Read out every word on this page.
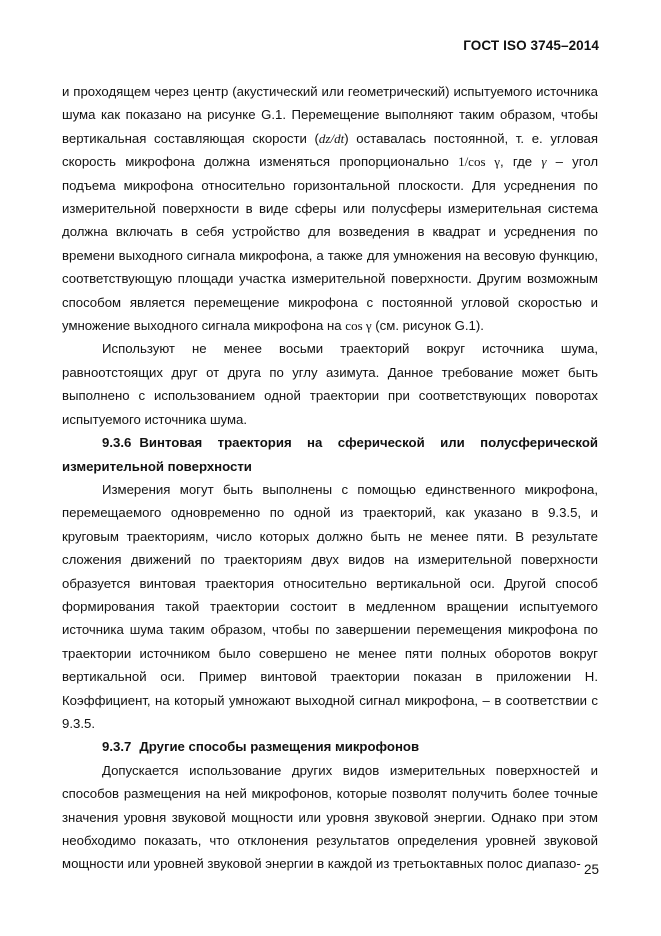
ГОСТ ISO 3745–2014

и проходящем через центр (акустический или геометрический) испытуемого источника шума как показано на рисунке G.1. Перемещение выполняют таким образом, чтобы вертикальная составляющая скорости (dz/dt) оставалась постоянной, т. е. угловая скорость микрофона должна изменяться пропорционально 1/cos γ, где γ – угол подъема микрофона относительно горизонтальной плоскости. Для усреднения по измерительной поверхности в виде сферы или полусферы измерительная система должна включать в себя устройство для возведения в квадрат и усреднения по времени выходного сигнала микрофона, а также для умножения на весовую функцию, соответствующую площади участка измерительной поверхности. Другим возможным способом является перемещение микрофона с постоянной угловой скоростью и умножение выходного сигнала микрофона на cos γ (см. рисунок G.1).

Используют не менее восьми траекторий вокруг источника шума, равноотстоящих друг от друга по углу азимута. Данное требование может быть выполнено с использованием одной траектории при соответствующих поворотах испытуемого источника шума.

9.3.6 Винтовая траектория на сферической или полусферической измерительной поверхности

Измерения могут быть выполнены с помощью единственного микрофона, перемещаемого одновременно по одной из траекторий, как указано в 9.3.5, и круговым траекториям, число которых должно быть не менее пяти. В результате сложения движений по траекториям двух видов на измерительной поверхности образуется винтовая траектория относительно вертикальной оси. Другой способ формирования такой траектории состоит в медленном вращении испытуемого источника шума таким образом, чтобы по завершении перемещения микрофона по траектории источником было совершено не менее пяти полных оборотов вокруг вертикальной оси. Пример винтовой траектории показан в приложении H. Коэффициент, на который умножают выходной сигнал микрофона, – в соответствии с 9.3.5.

9.3.7 Другие способы размещения микрофонов

Допускается использование других видов измерительных поверхностей и способов размещения на ней микрофонов, которые позволят получить более точные значения уровня звуковой мощности или уровня звуковой энергии. Однако при этом необходимо показать, что отклонения результатов определения уровней звуковой мощности или уровней звуковой энергии в каждой из третьоктавных полос диапазо- 25
